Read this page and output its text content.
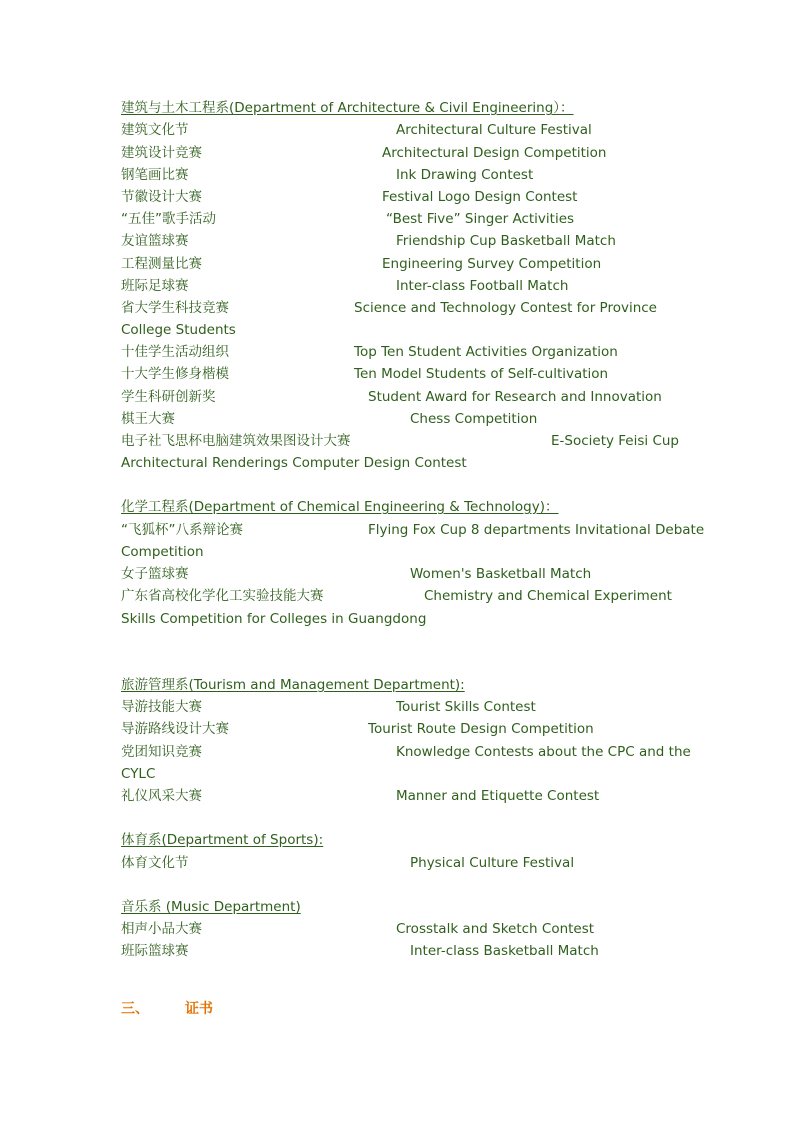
建筑与土木工程系(Department of Architecture & Civil Engineering）：
建筑文化节	Architectural Culture Festival
建筑设计竞赛	Architectural Design Competition
钢笔画比赛	Ink Drawing Contest
节徽设计大赛	Festival Logo Design Contest
“五佳”歌手活动	“Best Five” Singer Activities
友谊篮球赛	Friendship Cup Basketball Match
工程测量比赛	Engineering Survey Competition
班际足球赛	Inter-class Football Match
省大学生科技竞赛	Science and Technology Contest for Province
College Students
十佳学生活动组织	Top Ten Student Activities Organization
十大学生修身楷模	Ten Model Students of Self-cultivation
学生科研创新奖	Student Award for Research and Innovation
棋王大赛	Chess Competition
电子社飞思杯电脑建筑效果图设计大赛	E-Society Feisi Cup
Architectural Renderings Computer Design Contest
化学工程系(Department of Chemical Engineering & Technology)：
“飞狐杯”八系辩论赛	Flying Fox Cup 8 departments Invitational Debate
Competition
女子篮球赛	Women's Basketball Match
广东省高校化学化工实验技能大赛	Chemistry and Chemical Experiment
Skills Competition for Colleges in Guangdong
旅游管理系(Tourism and Management Department):
导游技能大赛	Tourist Skills Contest
导游路线设计大赛	Tourist Route Design Competition
党团知识竞赛	Knowledge Contests about the CPC and the
CYLC
礼仪风采大赛	Manner and Etiquette Contest
体育系(Department of Sports):
体育文化节	Physical Culture Festival
音乐系 (Music Department)
相声小品大赛	Crosstalk and Sketch Contest
班际篮球赛	Inter-class Basketball Match
三、	证书
